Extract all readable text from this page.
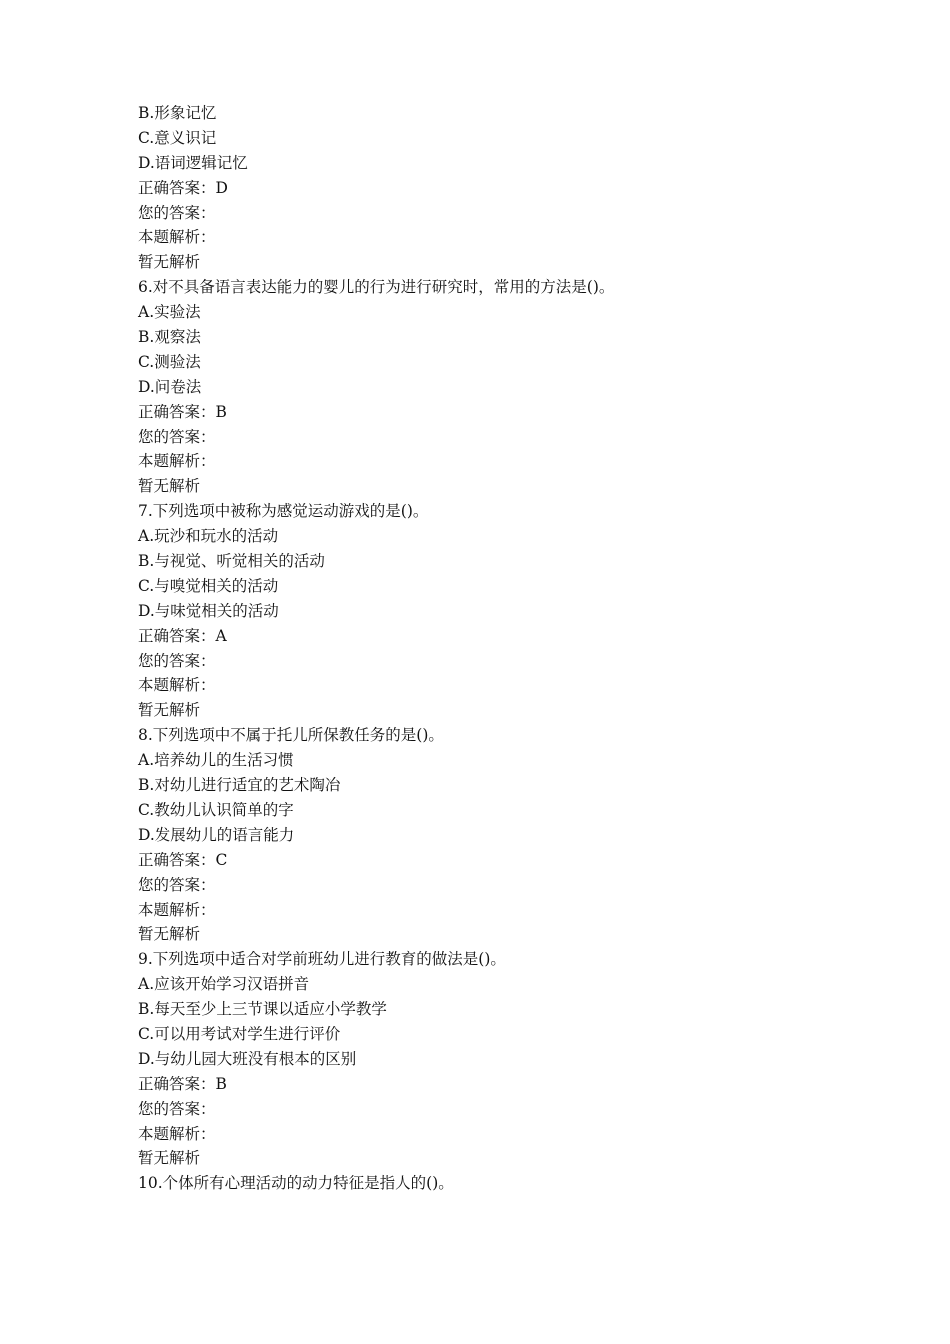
B.形象记忆

C.意义识记

D.语词逻辑记忆

正确答案：D

您的答案：

本题解析：

暂无解析

6.对不具备语言表达能力的婴儿的行为进行研究时，常用的方法是()。

A.实验法

B.观察法

C.测验法

D.问卷法

正确答案：B

您的答案：

本题解析：

暂无解析

7.下列选项中被称为感觉运动游戏的是()。

A.玩沙和玩水的活动

B.与视觉、听觉相关的活动

C.与嗅觉相关的活动

D.与味觉相关的活动

正确答案：A

您的答案：

本题解析：

暂无解析

8.下列选项中不属于托儿所保教任务的是()。

A.培养幼儿的生活习惯

B.对幼儿进行适宜的艺术陶冶

C.教幼儿认识简单的字

D.发展幼儿的语言能力

正确答案：C

您的答案：

本题解析：

暂无解析

9.下列选项中适合对学前班幼儿进行教育的做法是()。

A.应该开始学习汉语拼音

B.每天至少上三节课以适应小学教学

C.可以用考试对学生进行评价

D.与幼儿园大班没有根本的区别

正确答案：B

您的答案：

本题解析：

暂无解析

10.个体所有心理活动的动力特征是指人的()。
